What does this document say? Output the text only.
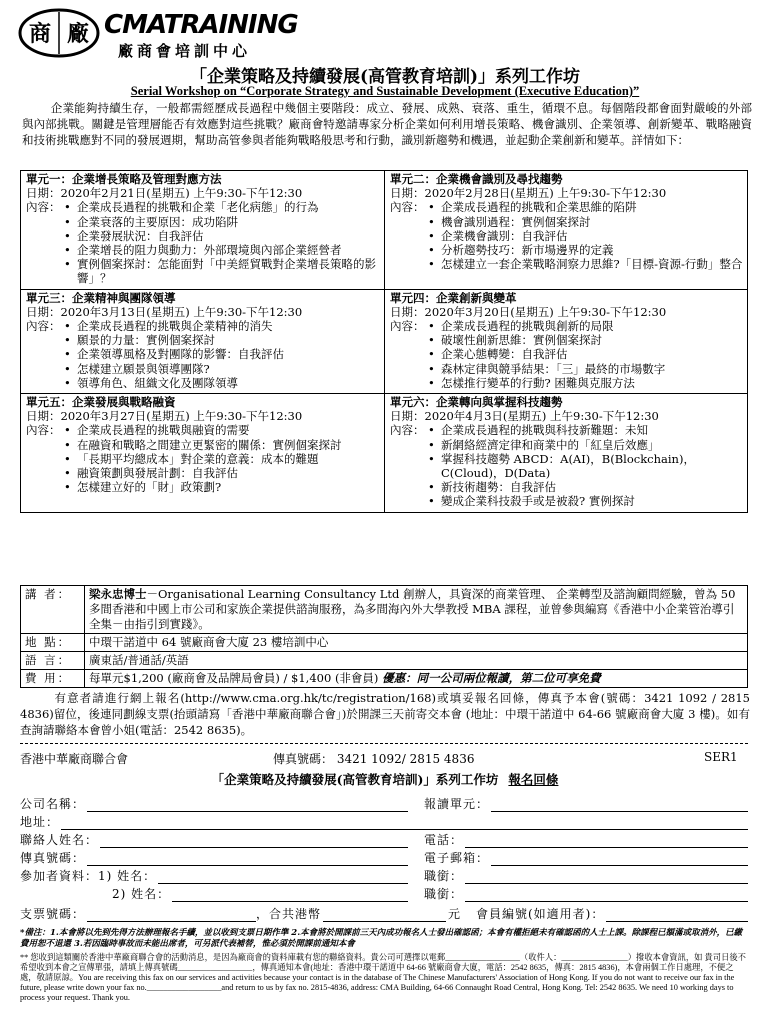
商 廠 CMATRAINING
廠商會培訓中心
「企業策略及持續發展(高管教育培訓)」系列工作坊
Serial Workshop on “Corporate Strategy and Sustainable Development (Executive Education)”

企業能夠持續生存，一般都需經歷成長過程中幾個主要階段：成立、發展、成熟、衰落、重生，循環不息。每個階段都會面對嚴峻的外部與內部挑戰。關鍵是管理層能否有效應對這些挑戰？廠商會特邀請專家分析企業如何利用增長策略、機會識別、企業領導、創新變革、戰略融資和技術挑戰應對不同的發展週期，幫助高管參與者能夠戰略般思考和行動，識別新趨勢和機遇，並起動企業創新和變革。詳情如下：

單元一：企業增長策略及管理對應方法
日期：2020年2月21日(星期五) 上午9:30-下午12:30
內容：	• 企業成長過程的挑戰和企業「老化病態」的行為
• 企業衰落的主要原因：成功陷阱
• 企業發展狀況：自我評估
• 企業增長的阻力與動力：外部環境與內部企業經營者
• 實例個案探討：怎能面對「中美經貿戰對企業增長策略的影響」？
單元二：企業機會識別及尋找趨勢
日期：2020年2月28日(星期五) 上午9:30-下午12:30
內容：	• 企業成長過程的挑戰和企業思維的陷阱
• 機會識別過程：實例個案探討
• 企業機會識別：自我評估
• 分析趨勢技巧：新市場邊界的定義
• 怎樣建立一套企業戰略洞察力思維?「目標-資源-行動」整合
單元三：企業精神與團隊領導
日期：2020年3月13日(星期五) 上午9:30-下午12:30
內容：	• 企業成長過程的挑戰與企業精神的消失
• 願景的力量：實例個案探討
• 企業領導風格及對團隊的影響：自我評估
• 怎樣建立願景與領導團隊?
• 領導角色、組織文化及團隊領導
單元四：企業創新與變革
日期：2020年3月20日(星期五) 上午9:30-下午12:30
內容：	• 企業成長過程的挑戰與創新的局限
• 破壞性創新思維：實例個案探討
• 企業心態轉變：自我評估
• 森林定律與競爭結果：「三」最終的市場數字
• 怎樣推行變革的行動? 困難與克服方法
單元五：企業發展與戰略融資
日期：2020年3月27日(星期五) 上午9:30-下午12:30
內容：	• 企業成長過程的挑戰與融資的需要
• 在融資和戰略之間建立更緊密的關係：實例個案探討
• 「長期平均總成本」對企業的意義：成本的難題
• 融資策劃與發展計劃：自我評估
• 怎樣建立好的「財」政策劃?
單元六：企業轉向與掌握科技趨勢
日期：2020年4月3日(星期五) 上午9:30-下午12:30
內容：	• 企業成長過程的挑戰與科技新難題：未知
• 新網絡經濟定律和商業中的「紅皇后效應」
• 掌握科技趨勢 ABCD：A(AI)，B(Blockchain)，C(Cloud)，D(Data)
• 新技術趨勢：自我評估
• 變成企業科技殺手或是被殺? 實例探討
講 者：	梁永忠博士－Organisational Learning Consultancy Ltd 創辦人，具資深的商業管理、 企業轉型及諮詢顧問經驗，曾為 50 多間香港和中國上市公司和家族企業提供諮詢服務，為多間海內外大學教授 MBA 課程，並曾參與編寫《香港中小企業管治導引全集－由指引到實踐》。
地 點：	中環干諾道中 64 號廠商會大廈 23 樓培訓中心
語 言：	廣東話/普通話/英語
費 用：	每單元$1,200 (廠商會及品牌局會員) / $1,400 (非會員) 優惠：同一公司兩位報讀，第二位可享免費

有意者請進行網上報名(http://www.cma.org.hk/tc/registration/168)或填妥報名回條，傳真予本會(號碼：3421 1092 / 2815 4836)留位，後連同劃線支票(抬頭請寫「香港中華廠商聯合會」)於開課三天前寄交本會 (地址：中環干諾道中 64-66 號廠商會大廈 3 樓)。如有查詢請聯絡本會曾小姐(電話：2542 8635)。

香港中華廠商聯合會	傳真號碼： 3421 1092/ 2815 4836	SER1
「企業策略及持續發展(高管教育培訓)」系列工作坊 報名回條
公司名稱：	報讀單元：
地址：
聯絡人姓名：	電話：
傳真號碼：	電子郵箱：
參加者資料：1) 姓名：	職銜：
2) 姓名：	職銜：
支票號碼：	，合共港幣	元 會員編號(如適用者)：

*備注：1.本會將以先到先得方法辦理報名手續，並以收到支票日期作準 2.本會將於開課前三天內成功報名人士發出確認函；本會有權拒絕未有確認函的人士上課。除課程已額滿或取消外，已繳費用恕不退還 3.若因臨時事故而未能出席者，可另派代表補替，惟必須於開課前通知本會

** 您收到這類關於香港中華廠商聯合會的活動消息，是因為廠商會的資料庫載有您的聯絡資料。貴公司可選擇以電郵__________________（收件人：________________）撥收本會資訊，如 貴司日後不希望收到本會之宣傳單張，請填上傳真號碼__________________，傳真通知本會(地址：香港中環干諾道中 64-66 號廠商會大廈，電話：2542 8635，傳真：2815 4836)，本會兩個工作日處理，不便之處，敬請原諒。You are receiving this fax on our services and activities because your contact is in the database of The Chinese Manufacturers' Association of Hong Kong. If you do not want to receive our fax in the future, please write down your fax no.__________________and return to us by fax no. 2815-4836, address: CMA Building, 64-66 Connaught Road Central, Hong Kong. Tel: 2542 8635. We need 10 working days to process your request. Thank you.
